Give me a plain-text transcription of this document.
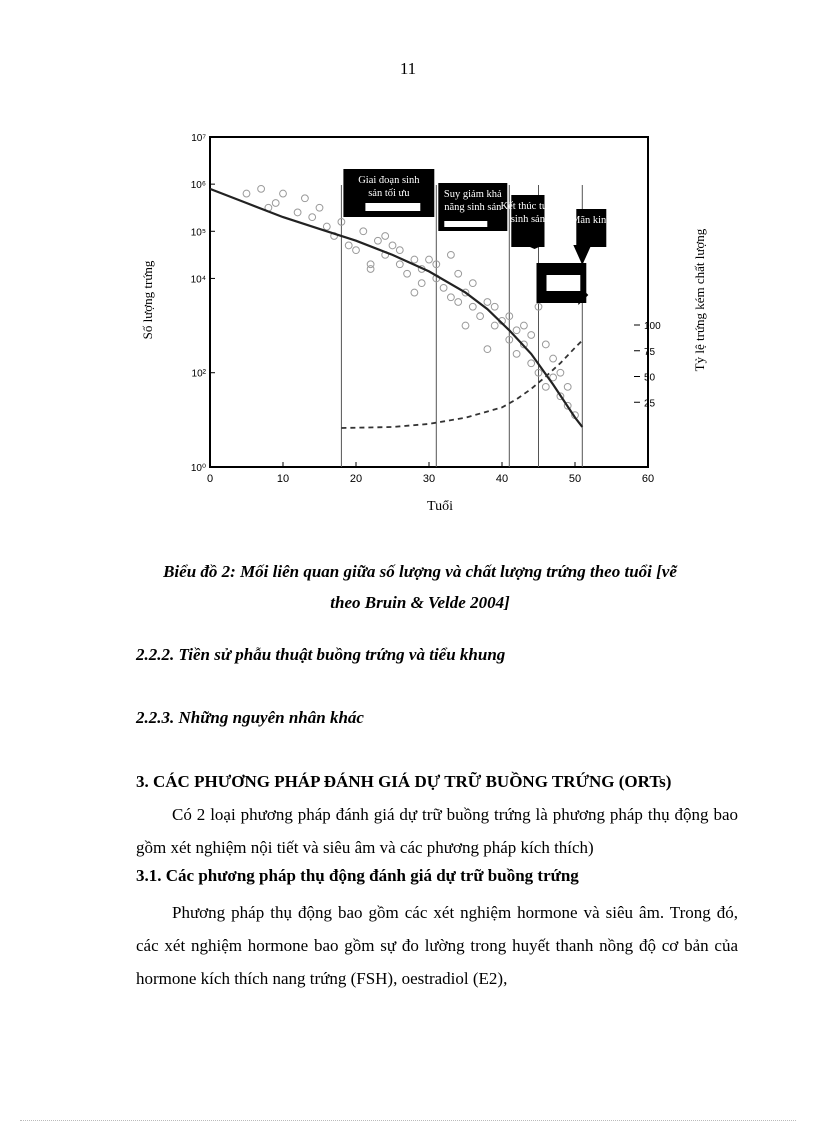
11
0	10	20	30	40	50	60
10⁰
10²
10⁴
10⁵
10⁶
10⁷
25
50
75
100
Giai đoạn sinh
sản tối ưu	Suy giảm khả
năng sinh sản Kết thúc tuổi
sinh sản Mãn kinh
Số lượng trứng	Tỷ lệ trứng kém chất lượng
Tuổi
Biểu đồ 2: Mối liên quan giữa số lượng và chất lượng trứng theo tuổi [vẽ
theo Bruin & Velde 2004]
2.2.2. Tiền sử phẫu thuật buồng trứng và tiểu khung
2.2.3. Những nguyên nhân khác
3. CÁC PHƯƠNG PHÁP ĐÁNH GIÁ DỰ TRỮ BUỒNG TRỨNG (ORTs)

Có 2 loại phương pháp đánh giá dự trữ buồng trứng là phương pháp thụ động bao gồm xét nghiệm nội tiết và siêu âm và các phương pháp kích thích)

3.1. Các phương pháp thụ động đánh giá dự trữ buồng trứng

Phương pháp thụ động bao gồm các xét nghiệm hormone và siêu âm. Trong đó, các xét nghiệm hormone bao gồm sự đo lường trong huyết thanh nồng độ cơ bản của hormone kích thích nang trứng (FSH), oestradiol (E2),
